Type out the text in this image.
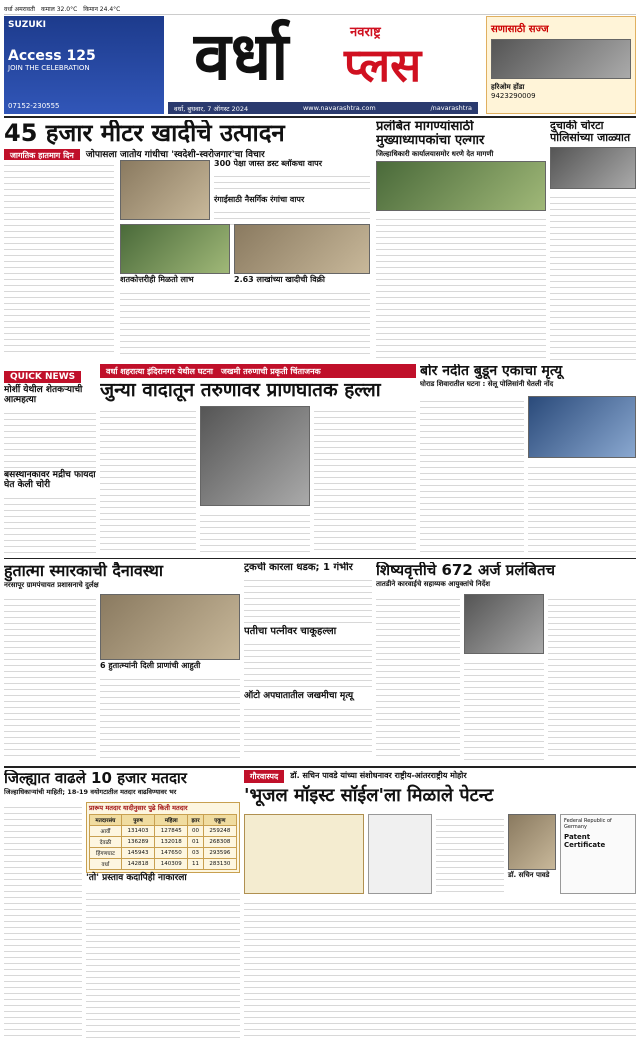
वर्धा अमरावती कमाल 32.0°C किमान 24.4°C
SUZUKI
Access 125
JOIN THE CELEBRATION
07152-230555
वर्धा	नवराष्ट्र
प्लस
वर्धा, बुधवार, 7 ऑगस्ट 2024	www.navarashtra.com	/navarashtra
सणासाठी सज्ज
हरिओम होंडा
9423290009
45 हजार मीटर खादीचे उत्पादन
जागतिक हातमाग दिन	जोपासला जातोय गांधीचा 'स्वदेशी-स्वरोजगार'चा विचार
300 पेक्षा जास्त डस्ट ब्लॉकचा वापर
रंगाईसाठी नैसर्गिक रंगांचा वापर
शतकोत्तरीही मिळतो लाभ	2.63 लाखांच्या खादीची विक्री
प्रलंबित मागण्यांसाठी मुख्याध्यापकांचा एल्गार
जिल्हाधिकारी कार्यालयासमोर धरणे देत मागणी
दुचाकी चोरटा पोलिसांच्या जाळ्यात
QUICK NEWS
मोर्शी येथील शेतकऱ्याची आत्महत्या
बसस्थानकावर मद्रीच फायदा घेत केली चोरी
वर्धा शहरात्या इंदिरानगर येथील घटना जखमी तरुणाची प्रकृती चिंताजनक
जुन्या वादातून तरुणावर प्राणघातक हल्ला
बोर नदीत बुडून एकाचा मृत्यू
घोराड शिवारातील घटना : सेलू पोलिसांनी घेतली नोंद
हुतात्मा स्मारकाची दैनावस्था
नरसापूर ग्रामपंचायत प्रशासनाचे दुर्लक्ष
6 हुतात्म्यांनी दिली प्राणांची आहुती
ट्रकची कारला धडक; 1 गंभीर
पतीचा पत्नीवर चाकूहल्ला
ऑटो अपघातातील जखमीचा मृत्यू
शिष्यवृत्तीचे 672 अर्ज प्रलंबितच
तातडीने कारवाईचे सहाय्यक आयुक्तांचे निर्देश
जिल्ह्यात वाढले 10 हजार मतदार
जिल्हाधिकाऱ्यांची माहिती; 18-19 वयोगटातील मतदार वाढविण्यावर भर
प्रारूप मतदार यादीनुसार पुढे किती मतदार
मतदारसंघ	पुरुष	महिला	इतर	एकूण
आर्वी	131403	127845	00	259248
देवळी	136289	132018	01	268308
हिंगणघाट	145943	147650	03	293596
वर्धा	142818	140309	11	283130
'तो' प्रस्ताव कदापिही नाकारला
गौरवास्पद	डॉ. सचिन पावडे यांच्या संशोधनावर राष्ट्रीय-आंतरराष्ट्रीय मोहोर
'भूजल मॉइस्ट सॉईल'ला मिळाले पेटन्ट
डॉ. सचिन पावडे
Federal Republic of Germany
Patent Certificate
